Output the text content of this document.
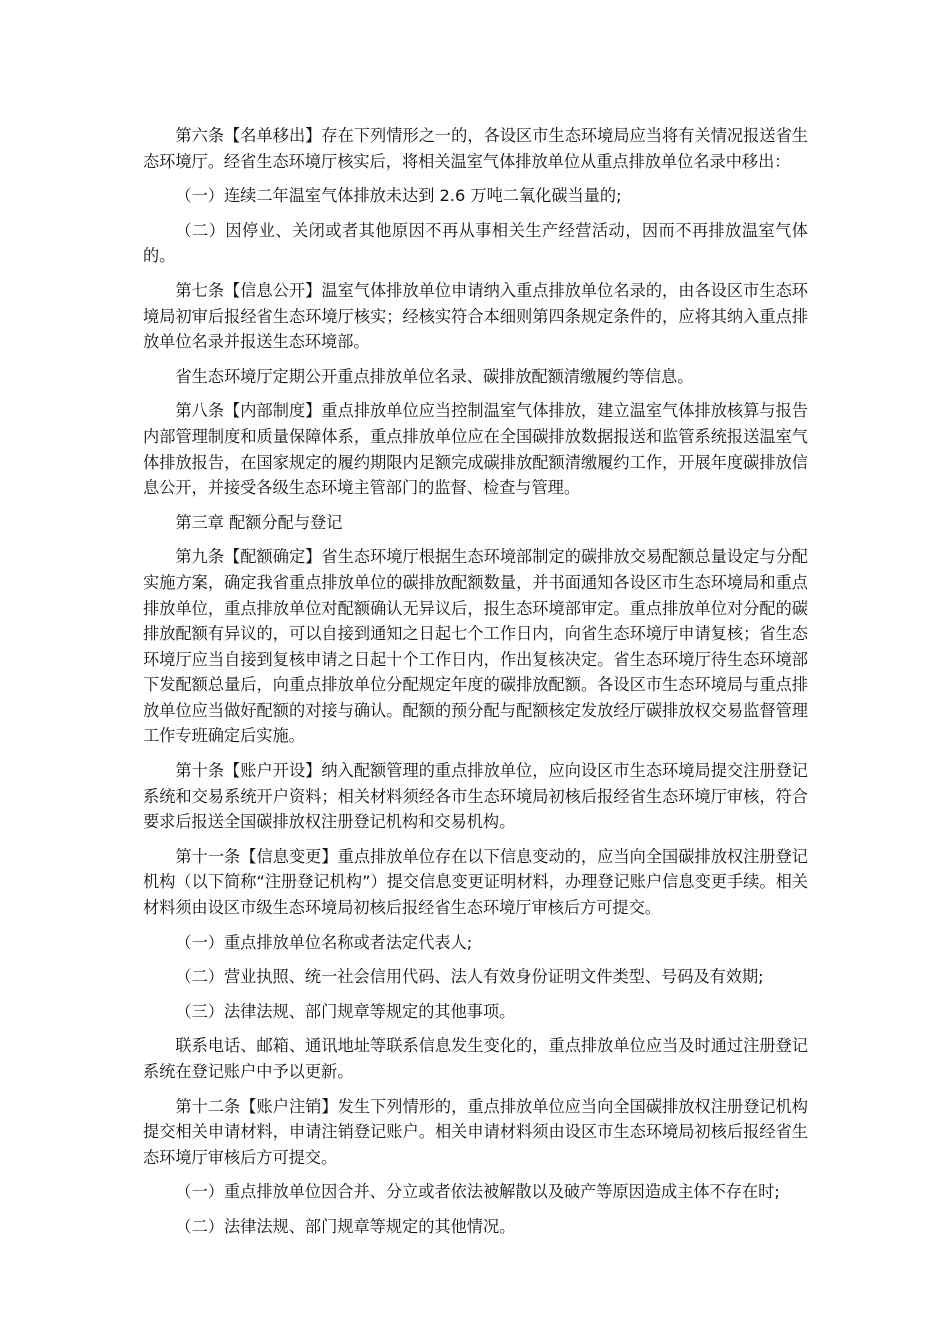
第六条【名单移出】存在下列情形之一的，各设区市生态环境局应当将有关情况报送省生态环境厅。经省生态环境厅核实后，将相关温室气体排放单位从重点排放单位名录中移出：

（一）连续二年温室气体排放未达到 2.6 万吨二氧化碳当量的;

（二）因停业、关闭或者其他原因不再从事相关生产经营活动，因而不再排放温室气体的。

第七条【信息公开】温室气体排放单位申请纳入重点排放单位名录的，由各设区市生态环境局初审后报经省生态环境厅核实；经核实符合本细则第四条规定条件的，应将其纳入重点排放单位名录并报送生态环境部。

省生态环境厅定期公开重点排放单位名录、碳排放配额清缴履约等信息。

第八条【内部制度】重点排放单位应当控制温室气体排放，建立温室气体排放核算与报告内部管理制度和质量保障体系，重点排放单位应在全国碳排放数据报送和监管系统报送温室气体排放报告，在国家规定的履约期限内足额完成碳排放配额清缴履约工作，开展年度碳排放信息公开，并接受各级生态环境主管部门的监督、检查与管理。

第三章 配额分配与登记

第九条【配额确定】省生态环境厅根据生态环境部制定的碳排放交易配额总量设定与分配实施方案，确定我省重点排放单位的碳排放配额数量，并书面通知各设区市生态环境局和重点排放单位，重点排放单位对配额确认无异议后，报生态环境部审定。重点排放单位对分配的碳排放配额有异议的，可以自接到通知之日起七个工作日内，向省生态环境厅申请复核；省生态环境厅应当自接到复核申请之日起十个工作日内，作出复核决定。省生态环境厅待生态环境部下发配额总量后，向重点排放单位分配规定年度的碳排放配额。各设区市生态环境局与重点排放单位应当做好配额的对接与确认。配额的预分配与配额核定发放经厅碳排放权交易监督管理工作专班确定后实施。

第十条【账户开设】纳入配额管理的重点排放单位，应向设区市生态环境局提交注册登记系统和交易系统开户资料；相关材料须经各市生态环境局初核后报经省生态环境厅审核，符合要求后报送全国碳排放权注册登记机构和交易机构。

第十一条【信息变更】重点排放单位存在以下信息变动的，应当向全国碳排放权注册登记机构（以下简称“注册登记机构”）提交信息变更证明材料，办理登记账户信息变更手续。相关材料须由设区市级生态环境局初核后报经省生态环境厅审核后方可提交。

（一）重点排放单位名称或者法定代表人;

（二）营业执照、统一社会信用代码、法人有效身份证明文件类型、号码及有效期;

（三）法律法规、部门规章等规定的其他事项。

联系电话、邮箱、通讯地址等联系信息发生变化的，重点排放单位应当及时通过注册登记系统在登记账户中予以更新。

第十二条【账户注销】发生下列情形的，重点排放单位应当向全国碳排放权注册登记机构提交相关申请材料，申请注销登记账户。相关申请材料须由设区市生态环境局初核后报经省生态环境厅审核后方可提交。

（一）重点排放单位因合并、分立或者依法被解散以及破产等原因造成主体不存在时;

（二）法律法规、部门规章等规定的其他情况。
